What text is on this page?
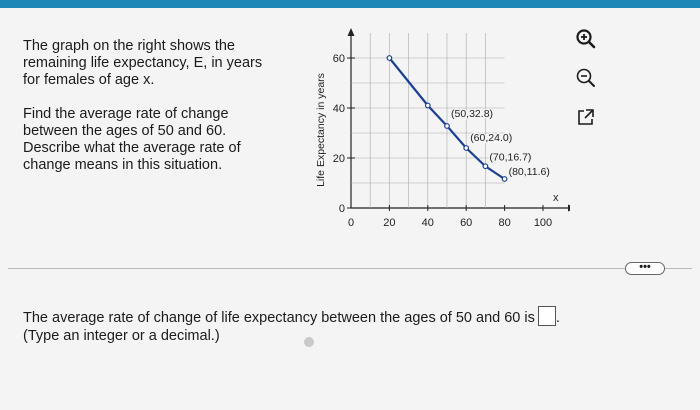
The graph on the right shows the remaining life expectancy, E, in years for females of age x.

Find the average rate of change between the ages of 50 and 60. Describe what the average rate of change means in this situation.	Life Expectancy in years
0	20 40 60 80 100
0
20
40
60
(50,32.8)
(60,24.0)
(70,16.7)
(80,11.6)
x
•••
The average rate of change of life expectancy between the ages of 50 and 60 is .
(Type an integer or a decimal.)
